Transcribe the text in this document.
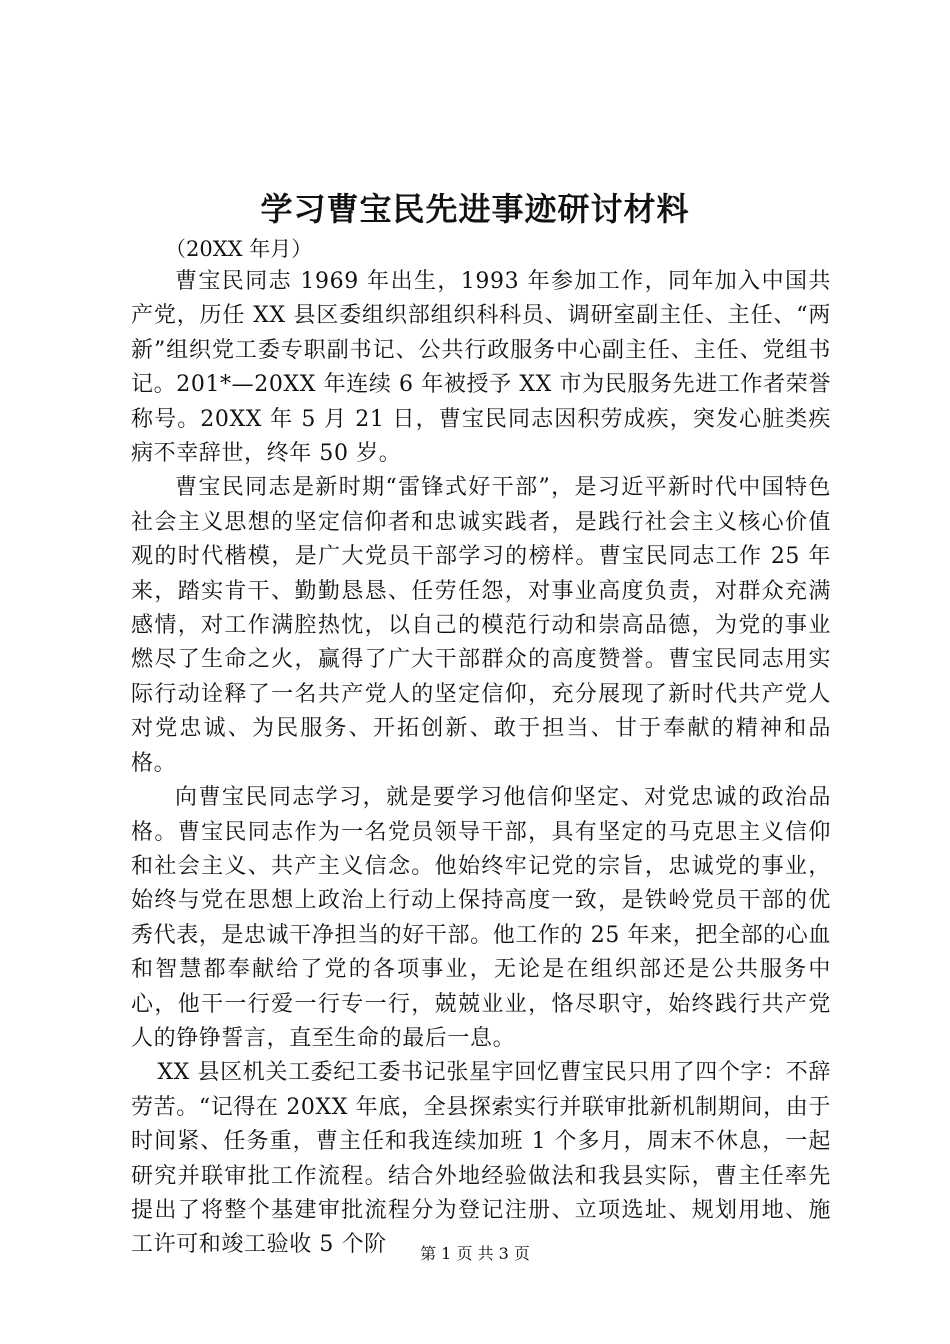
学习曹宝民先进事迹研讨材料
（20XX 年月）

曹宝民同志 1969 年出生，1993 年参加工作，同年加入中国共产党，历任 XX 县区委组织部组织科科员、调研室副主任、主任、“两新”组织党工委专职副书记、公共行政服务中心副主任、主任、党组书记。201*—20XX 年连续 6 年被授予 XX 市为民服务先进工作者荣誉称号。20XX 年 5 月 21 日，曹宝民同志因积劳成疾，突发心脏类疾病不幸辞世，终年 50 岁。

曹宝民同志是新时期“雷锋式好干部”，是习近平新时代中国特色社会主义思想的坚定信仰者和忠诚实践者，是践行社会主义核心价值观的时代楷模，是广大党员干部学习的榜样。曹宝民同志工作 25 年来，踏实肯干、勤勤恳恳、任劳任怨，对事业高度负责，对群众充满感情，对工作满腔热忱，以自己的模范行动和崇高品德，为党的事业燃尽了生命之火，赢得了广大干部群众的高度赞誉。曹宝民同志用实际行动诠释了一名共产党人的坚定信仰，充分展现了新时代共产党人对党忠诚、为民服务、开拓创新、敢于担当、甘于奉献的精神和品格。

向曹宝民同志学习，就是要学习他信仰坚定、对党忠诚的政治品格。曹宝民同志作为一名党员领导干部，具有坚定的马克思主义信仰和社会主义、共产主义信念。他始终牢记党的宗旨，忠诚党的事业，始终与党在思想上政治上行动上保持高度一致，是铁岭党员干部的优秀代表，是忠诚干净担当的好干部。他工作的 25 年来，把全部的心血和智慧都奉献给了党的各项事业，无论是在组织部还是公共服务中心，他干一行爱一行专一行，兢兢业业，恪尽职守，始终践行共产党人的铮铮誓言，直至生命的最后一息。

XX 县区机关工委纪工委书记张星宇回忆曹宝民只用了四个字：不辞劳苦。“记得在 20XX 年底，全县探索实行并联审批新机制期间，由于时间紧、任务重，曹主任和我连续加班 1 个多月，周末不休息，一起研究并联审批工作流程。结合外地经验做法和我县实际，曹主任率先提出了将整个基建审批流程分为登记注册、立项选址、规划用地、施工许可和竣工验收 5 个阶	第 1 页 共 3 页
